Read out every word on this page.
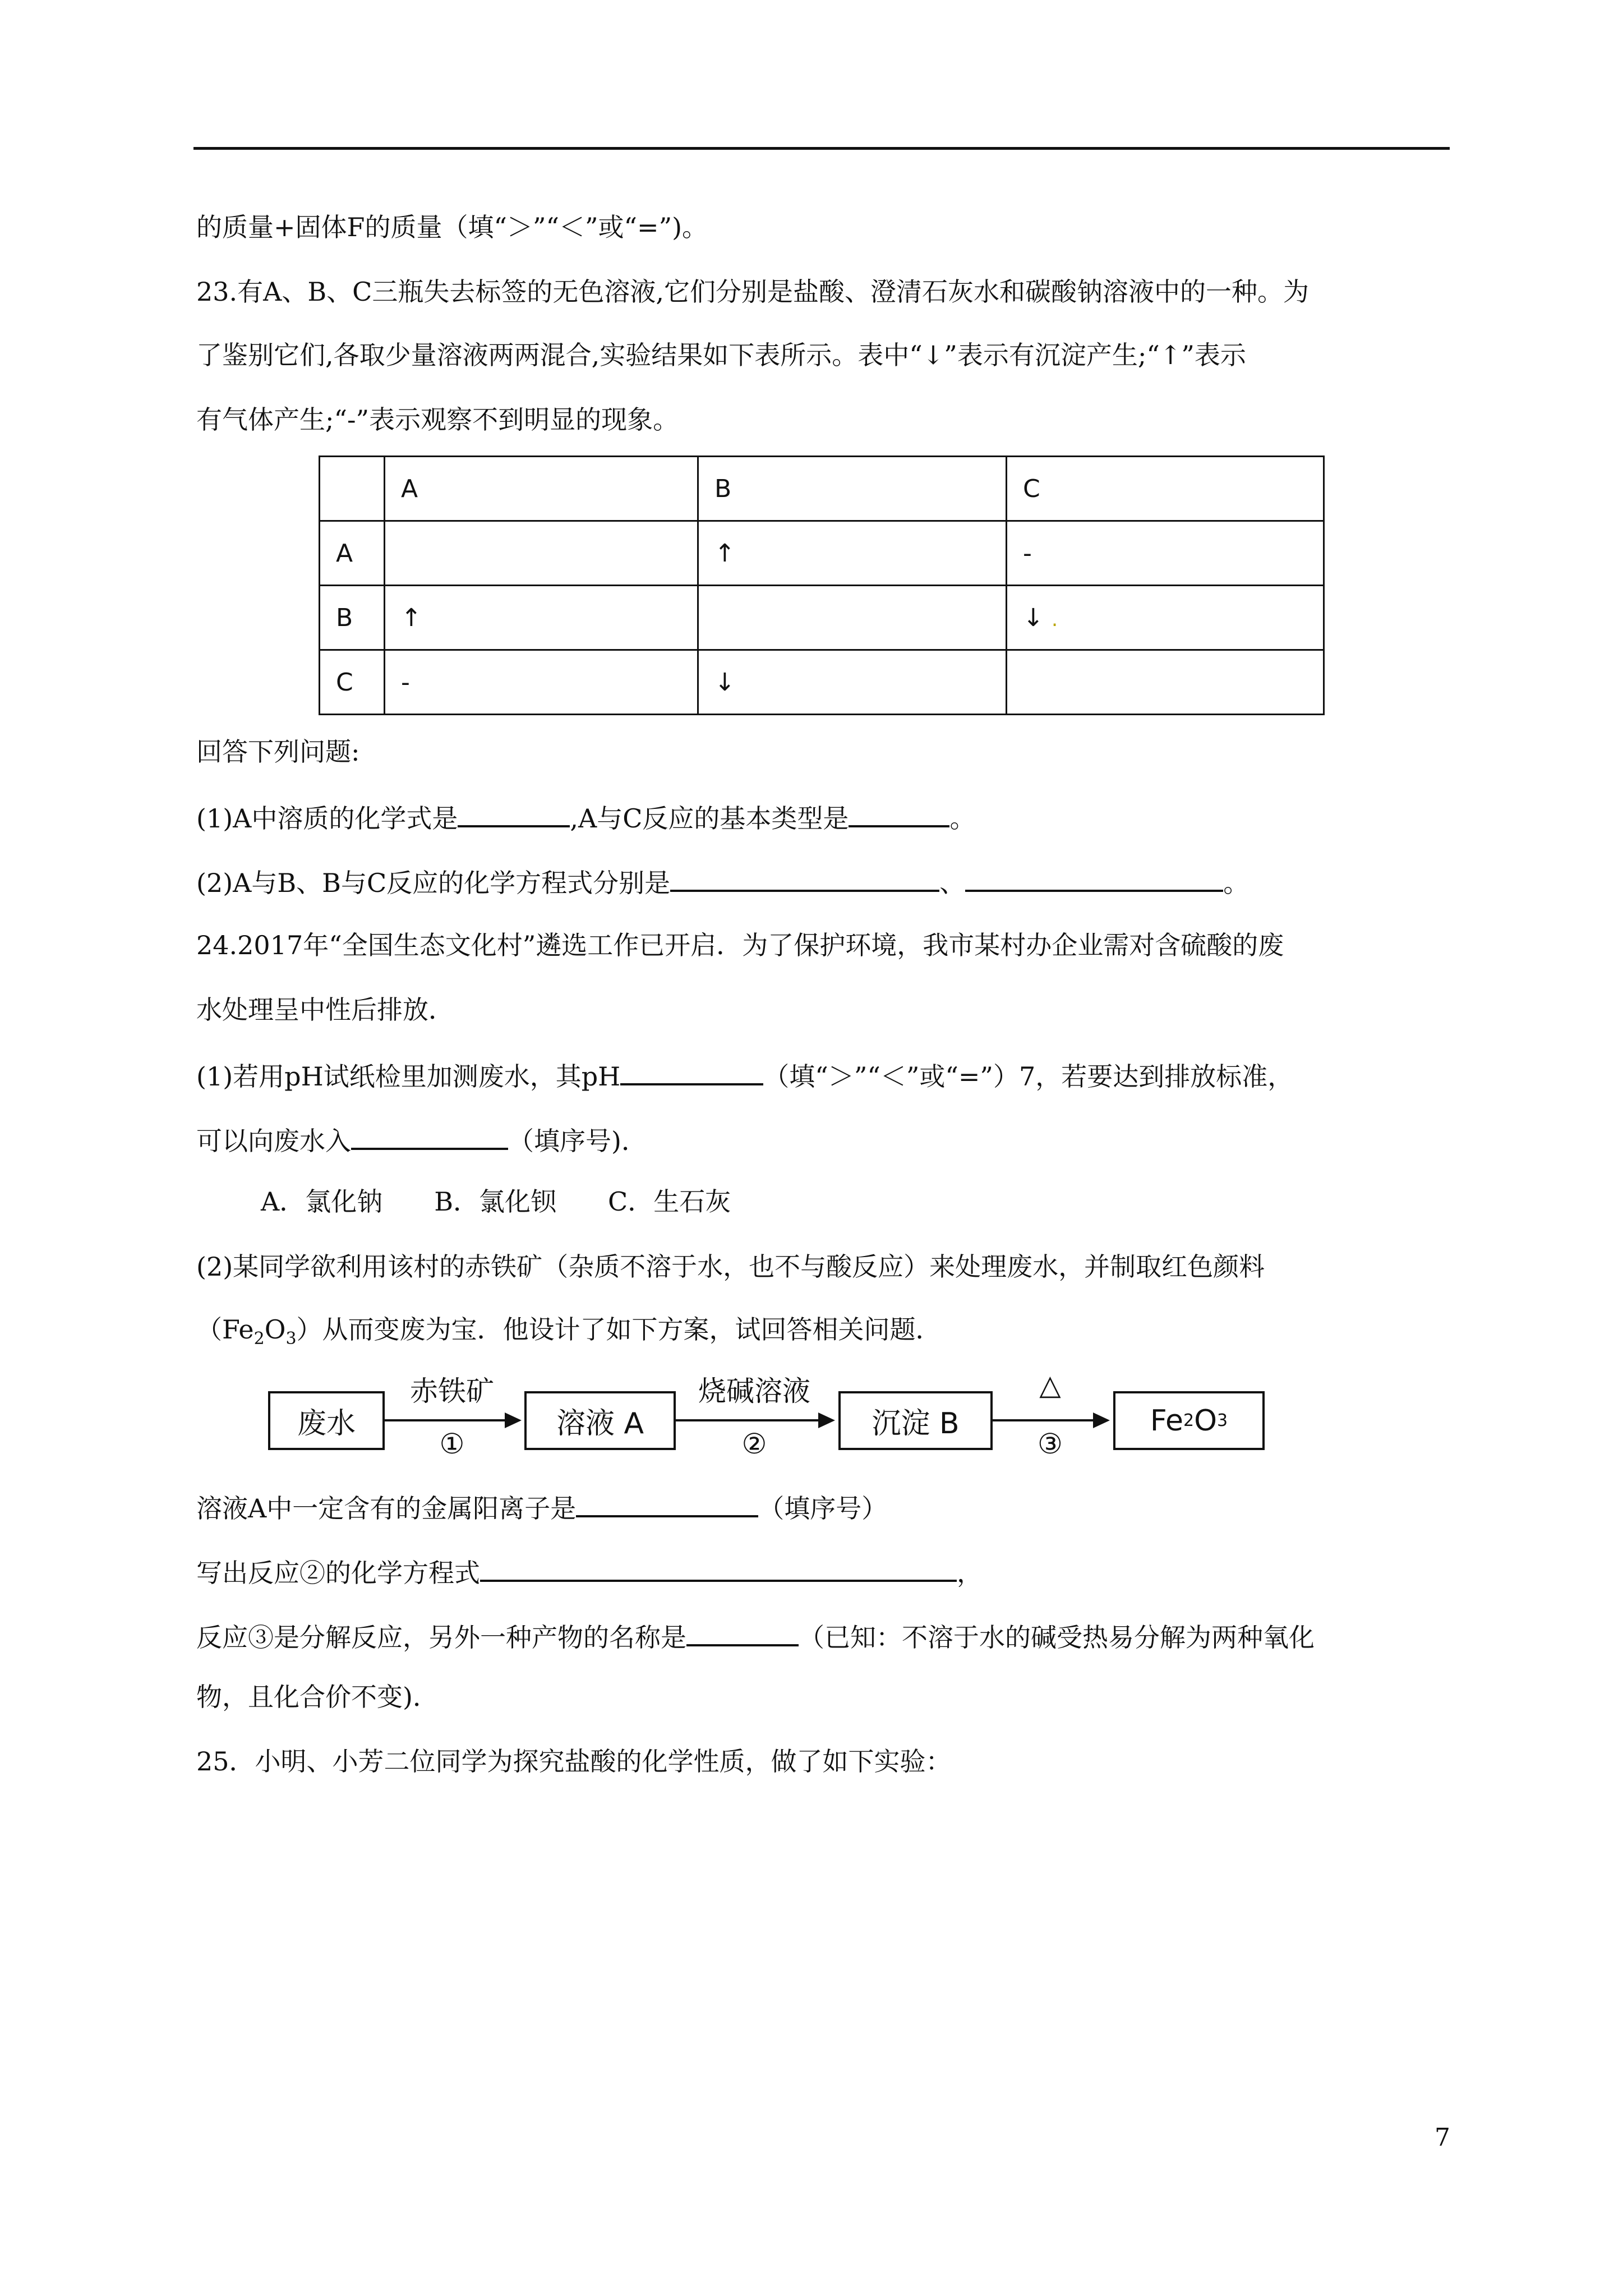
的质量+固体F的质量（填“＞”“＜”或“=”)。
23.有A、B、C三瓶失去标签的无色溶液,它们分别是盐酸、澄清石灰水和碳酸钠溶液中的一种。为
了鉴别它们,各取少量溶液两两混合,实验结果如下表所示。表中“↓”表示有沉淀产生;“↑”表示
有气体产生;“-”表示观察不到明显的现象。
	A	B	C
A		↑	-
B	↑		↓ .
C	-	↓	
回答下列问题:
(1)A中溶质的化学式是	,A与C反应的基本类型是	。
(2)A与B、B与C反应的化学方程式分别是	、	。
24.2017年“全国生态文化村”遴选工作已开启．为了保护环境，我市某村办企业需对含硫酸的废
水处理呈中性后排放．
(1)若用pH试纸检里加测废水，其pH	（填“＞”“＜”或“=”）7，若要达到排放标准，
可以向废水入	（填序号)．
A．氯化钠　　B．氯化钡　　C．生石灰
(2)某同学欲利用该村的赤铁矿（杂质不溶于水，也不与酸反应）来处理废水，并制取红色颜料
$(Fe_2O_3)$从而变废为宝．他设计了如下方案，试回答相关问题．
废水
赤铁矿
①
溶液 A
烧碱溶液
②
沉淀 B
△
③
Fe 2 O 3
溶液A中一定含有的金属阳离子是	（填序号）
写出反应②的化学方程式	，
反应③是分解反应，另外一种产物的名称是	（已知：不溶于水的碱受热易分解为两种氧化
物，且化合价不变)．
25．小明、小芳二位同学为探究盐酸的化学性质，做了如下实验：
7
